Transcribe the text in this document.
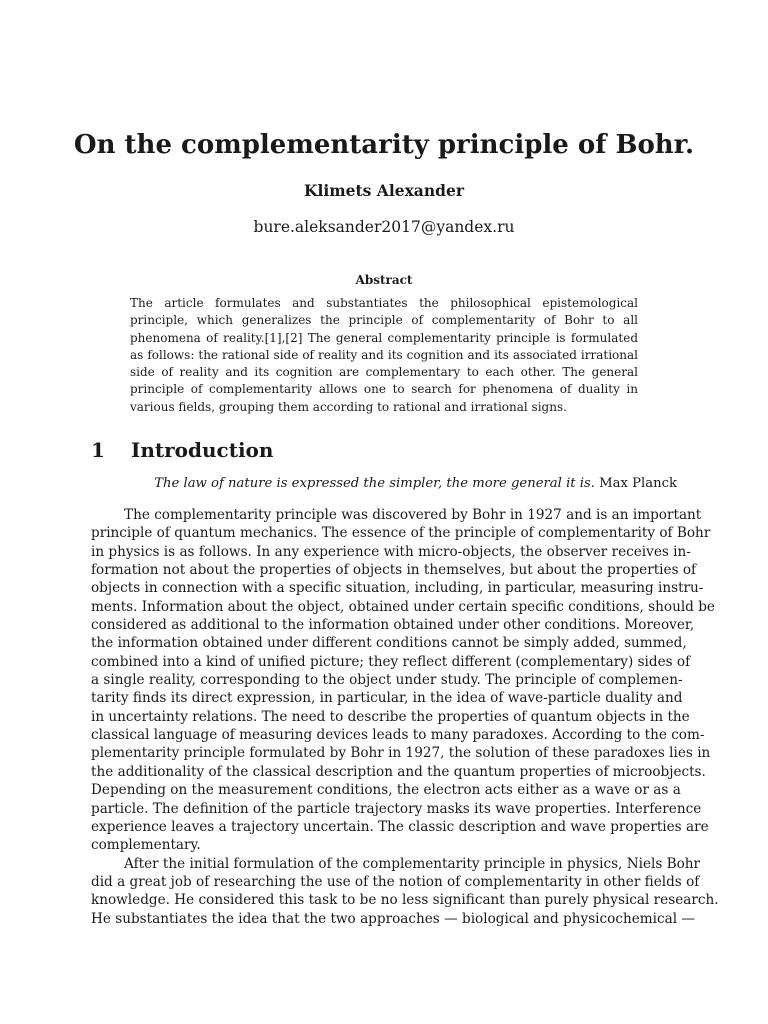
On the complementarity principle of Bohr.
Klimets Alexander
bure.aleksander2017@yandex.ru
Abstract
The article formulates and substantiates the philosophical epistemological principle, which generalizes the principle of complementarity of Bohr to all phenomena of reality.[1],[2] The general complementarity principle is formulated as follows: the rational side of reality and its cognition and its associated irrational side of reality and its cognition are complementary to each other. The general principle of complementarity allows one to search for phenomena of duality in various fields, grouping them according to rational and irrational signs.
1 Introduction
The law of nature is expressed the simpler, the more general it is. Max Planck
The complementarity principle was discovered by Bohr in 1927 and is an important
principle of quantum mechanics. The essence of the principle of complementarity of Bohr
in physics is as follows. In any experience with micro-objects, the observer receives in-
formation not about the properties of objects in themselves, but about the properties of
objects in connection with a specific situation, including, in particular, measuring instru-
ments. Information about the object, obtained under certain specific conditions, should be
considered as additional to the information obtained under other conditions. Moreover,
the information obtained under different conditions cannot be simply added, summed,
combined into a kind of unified picture; they reflect different (complementary) sides of
a single reality, corresponding to the object under study. The principle of complemen-
tarity finds its direct expression, in particular, in the idea of wave-particle duality and
in uncertainty relations. The need to describe the properties of quantum objects in the
classical language of measuring devices leads to many paradoxes. According to the com-
plementarity principle formulated by Bohr in 1927, the solution of these paradoxes lies in
the additionality of the classical description and the quantum properties of microobjects.
Depending on the measurement conditions, the electron acts either as a wave or as a
particle. The definition of the particle trajectory masks its wave properties. Interference
experience leaves a trajectory uncertain. The classic description and wave properties are
complementary.
After the initial formulation of the complementarity principle in physics, Niels Bohr
did a great job of researching the use of the notion of complementarity in other fields of
knowledge. He considered this task to be no less significant than purely physical research.
He substantiates the idea that the two approaches — biological and physicochemical —
